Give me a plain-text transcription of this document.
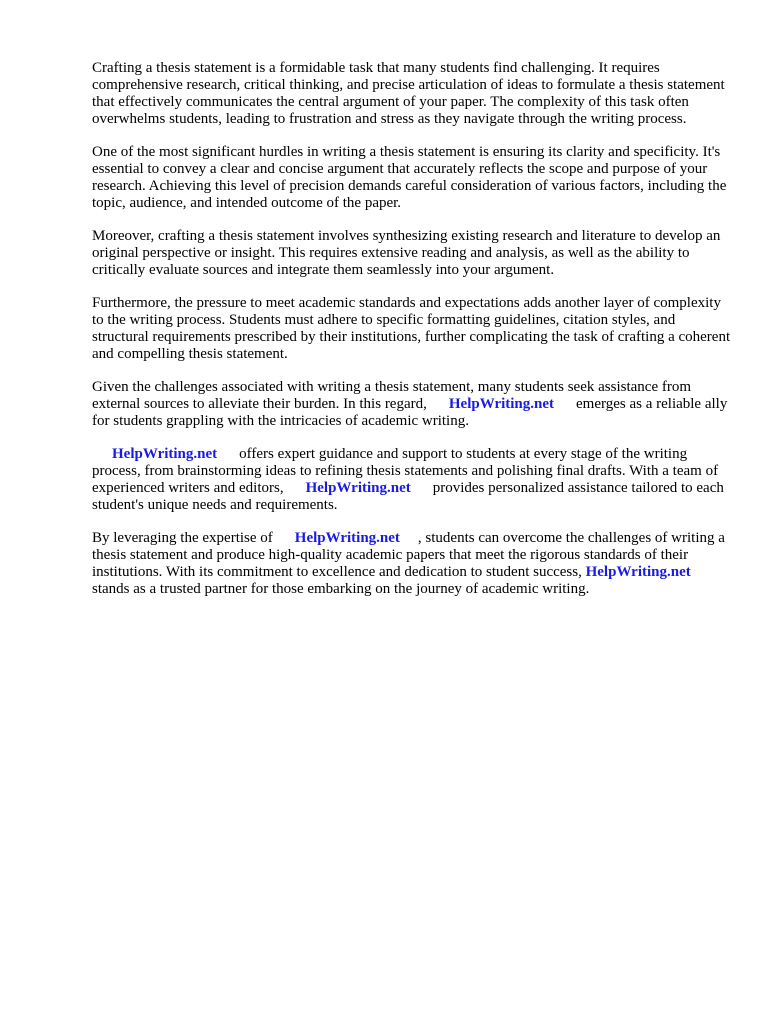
Crafting a thesis statement is a formidable task that many students find challenging. It requires comprehensive research, critical thinking, and precise articulation of ideas to formulate a thesis statement that effectively communicates the central argument of your paper. The complexity of this task often overwhelms students, leading to frustration and stress as they navigate through the writing process.

One of the most significant hurdles in writing a thesis statement is ensuring its clarity and specificity. It's essential to convey a clear and concise argument that accurately reflects the scope and purpose of your research. Achieving this level of precision demands careful consideration of various factors, including the topic, audience, and intended outcome of the paper.

Moreover, crafting a thesis statement involves synthesizing existing research and literature to develop an original perspective or insight. This requires extensive reading and analysis, as well as the ability to critically evaluate sources and integrate them seamlessly into your argument.

Furthermore, the pressure to meet academic standards and expectations adds another layer of complexity to the writing process. Students must adhere to specific formatting guidelines, citation styles, and structural requirements prescribed by their institutions, further complicating the task of crafting a coherent and compelling thesis statement.

Given the challenges associated with writing a thesis statement, many students seek assistance from external sources to alleviate their burden. In this regard, HelpWriting.net emerges as a reliable ally for students grappling with the intricacies of academic writing.

HelpWriting.net offers expert guidance and support to students at every stage of the writing process, from brainstorming ideas to refining thesis statements and polishing final drafts. With a team of experienced writers and editors, HelpWriting.net provides personalized assistance tailored to each student's unique needs and requirements.

By leveraging the expertise of HelpWriting.net , students can overcome the challenges of writing a thesis statement and produce high-quality academic papers that meet the rigorous standards of their institutions. With its commitment to excellence and dedication to student success, HelpWriting.netstands as a trusted partner for those embarking on the journey of academic writing.
